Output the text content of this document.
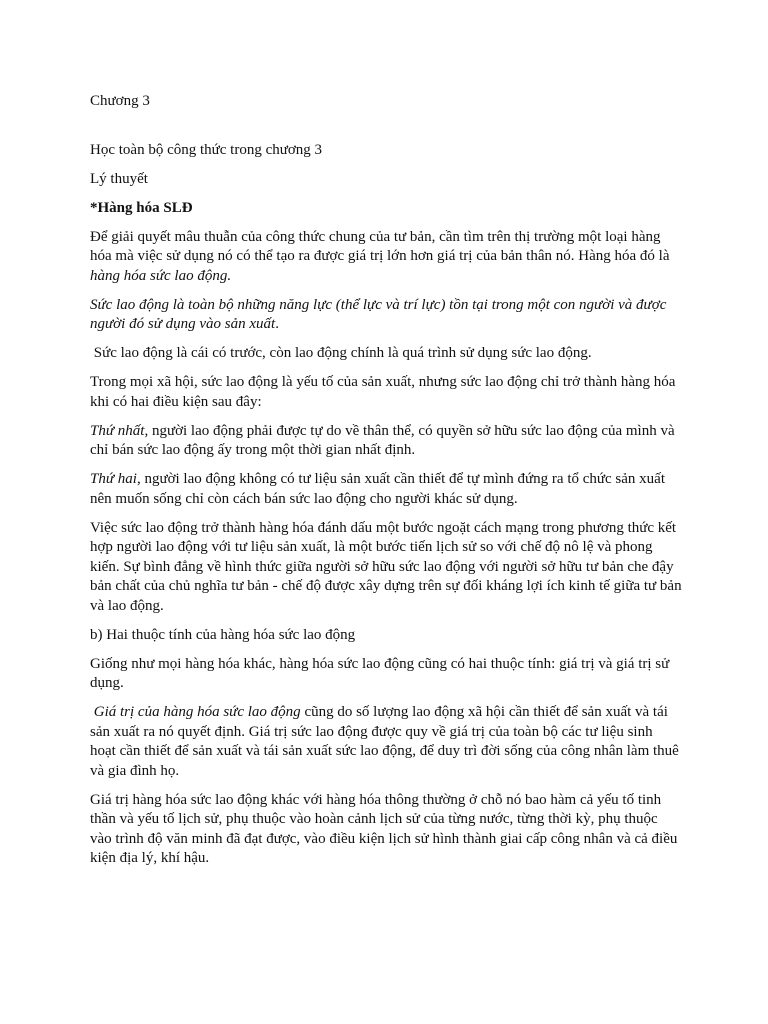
Chương 3

Học toàn bộ công thức trong chương 3

Lý thuyết

*Hàng hóa SLĐ

Để giải quyết mâu thuẫn của công thức chung của tư bản, cần tìm trên thị trường một loại hàng hóa mà việc sử dụng nó có thể tạo ra được giá trị lớn hơn giá trị của bản thân nó. Hàng hóa đó là hàng hóa sức lao động.

Sức lao động là toàn bộ những năng lực (thể lực và trí lực) tồn tại trong một con người và được người đó sử dụng vào sản xuất.

Sức lao động là cái có trước, còn lao động chính là quá trình sử dụng sức lao động.

Trong mọi xã hội, sức lao động là yếu tố của sản xuất, nhưng sức lao động chỉ trở thành hàng hóa khi có hai điều kiện sau đây:

Thứ nhất, người lao động phải được tự do về thân thể, có quyền sở hữu sức lao động của mình và chỉ bán sức lao động ấy trong một thời gian nhất định.

Thứ hai, người lao động không có tư liệu sản xuất cần thiết để tự mình đứng ra tổ chức sản xuất nên muốn sống chỉ còn cách bán sức lao động cho người khác sử dụng.

Việc sức lao động trở thành hàng hóa đánh dấu một bước ngoặt cách mạng trong phương thức kết hợp người lao động với tư liệu sản xuất, là một bước tiến lịch sử so với chế độ nô lệ và phong kiến. Sự bình đẳng về hình thức giữa người sở hữu sức lao động với người sở hữu tư bản che đậy bản chất của chủ nghĩa tư bản - chế độ được xây dựng trên sự đối kháng lợi ích kinh tế giữa tư bản và lao động.

b) Hai thuộc tính của hàng hóa sức lao động

Giống như mọi hàng hóa khác, hàng hóa sức lao động cũng có hai thuộc tính: giá trị và giá trị sử dụng.

Giá trị của hàng hóa sức lao động cũng do số lượng lao động xã hội cần thiết để sản xuất và tái sản xuất ra nó quyết định. Giá trị sức lao động được quy về giá trị của toàn bộ các tư liệu sinh hoạt cần thiết để sản xuất và tái sản xuất sức lao động, để duy trì đời sống của công nhân làm thuê và gia đình họ.

Giá trị hàng hóa sức lao động khác với hàng hóa thông thường ở chỗ nó bao hàm cả yếu tố tinh thần và yếu tố lịch sử, phụ thuộc vào hoàn cảnh lịch sử của từng nước, từng thời kỳ, phụ thuộc vào trình độ văn minh đã đạt được, vào điều kiện lịch sử hình thành giai cấp công nhân và cả điều kiện địa lý, khí hậu.
